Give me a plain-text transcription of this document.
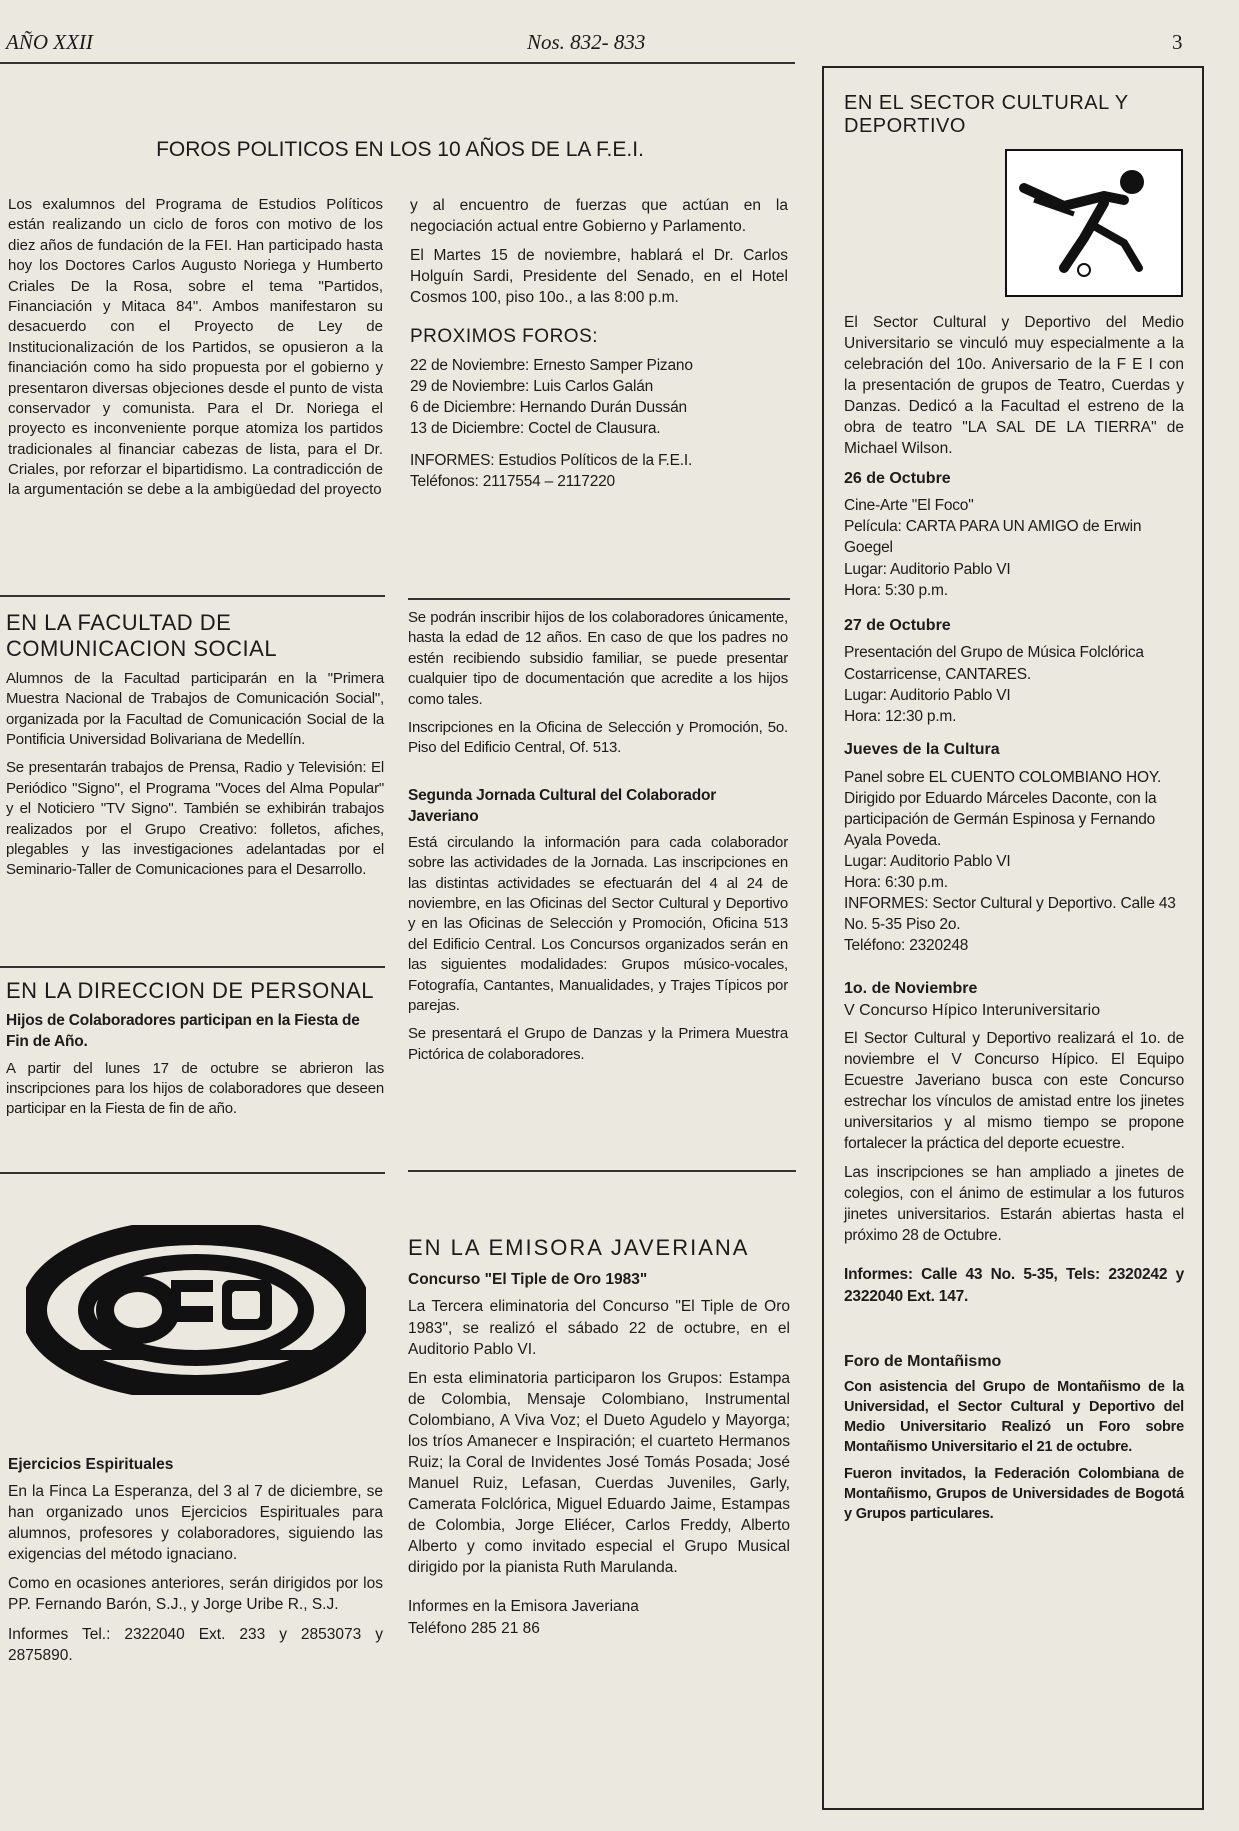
AÑO XXII	Nos. 832- 833	3
FOROS POLITICOS EN LOS 10 AÑOS DE LA F.E.I.

Los exalumnos del Programa de Estudios Políticos están realizando un ciclo de foros con motivo de los diez años de fundación de la FEI. Han participado hasta hoy los Doctores Carlos Augusto Noriega y Humberto Criales De la Rosa, sobre el tema "Partidos, Financiación y Mitaca 84". Ambos manifestaron su desacuerdo con el Proyecto de Ley de Institucionalización de los Partidos, se opusieron a la financiación como ha sido propuesta por el gobierno y presentaron diversas objeciones desde el punto de vista conservador y comunista. Para el Dr. Noriega el proyecto es inconveniente porque atomiza los partidos tradicionales al financiar cabezas de lista, para el Dr. Criales, por reforzar el bipartidismo. La contradicción de la argumentación se debe a la ambigüedad del proyecto

y al encuentro de fuerzas que actúan en la negociación actual entre Gobierno y Parlamento.

El Martes 15 de noviembre, hablará el Dr. Carlos Holguín Sardi, Presidente del Senado, en el Hotel Cosmos 100, piso 10o., a las 8:00 p.m.

PROXIMOS FOROS:
22 de Noviembre: Ernesto Samper Pizano
29 de Noviembre: Luis Carlos Galán
6 de Diciembre: Hernando Durán Dussán
13 de Diciembre: Coctel de Clausura.
INFORMES: Estudios Políticos de la F.E.I.
Teléfonos: 2117554 – 2117220
EN LA FACULTAD DE COMUNICACION SOCIAL

Alumnos de la Facultad participarán en la "Primera Muestra Nacional de Trabajos de Comunicación Social", organizada por la Facultad de Comunicación Social de la Pontificia Universidad Bolivariana de Medellín.

Se presentarán trabajos de Prensa, Radio y Televisión: El Periódico "Signo", el Programa "Voces del Alma Popular" y el Noticiero "TV Signo". También se exhibirán trabajos realizados por el Grupo Creativo: folletos, afiches, plegables y las investigaciones adelantadas por el Seminario-Taller de Comunicaciones para el Desarrollo.

EN LA DIRECCION DE PERSONAL
Hijos de Colaboradores participan en la Fiesta de Fin de Año.

A partir del lunes 17 de octubre se abrieron las inscripciones para los hijos de colaboradores que deseen participar en la Fiesta de fin de año.

Se podrán inscribir hijos de los colaboradores únicamente, hasta la edad de 12 años. En caso de que los padres no estén recibiendo subsidio familiar, se puede presentar cualquier tipo de documentación que acredite a los hijos como tales.

Inscripciones en la Oficina de Selección y Promoción, 5o. Piso del Edificio Central, Of. 513.

Segunda Jornada Cultural del Colaborador Javeriano

Está circulando la información para cada colaborador sobre las actividades de la Jornada. Las inscripciones en las distintas actividades se efectuarán del 4 al 24 de noviembre, en las Oficinas del Sector Cultural y Deportivo y en las Oficinas de Selección y Promoción, Oficina 513 del Edificio Central. Los Concursos organizados serán en las siguientes modalidades: Grupos músico-vocales, Fotografía, Cantantes, Manualidades, y Trajes Típicos por parejas.

Se presentará el Grupo de Danzas y la Primera Muestra Pictórica de colaboradores.

Ejercicios Espirituales

En la Finca La Esperanza, del 3 al 7 de diciembre, se han organizado unos Ejercicios Espirituales para alumnos, profesores y colaboradores, siguiendo las exigencias del método ignaciano.

Como en ocasiones anteriores, serán dirigidos por los PP. Fernando Barón, S.J., y Jorge Uribe R., S.J.

Informes Tel.: 2322040 Ext. 233 y 2853073 y 2875890.

EN LA EMISORA JAVERIANA
Concurso "El Tiple de Oro 1983"

La Tercera eliminatoria del Concurso "El Tiple de Oro 1983", se realizó el sábado 22 de octubre, en el Auditorio Pablo VI.

En esta eliminatoria participaron los Grupos: Estampa de Colombia, Mensaje Colombiano, Instrumental Colombiano, A Viva Voz; el Dueto Agudelo y Mayorga; los tríos Amanecer e Inspiración; el cuarteto Hermanos Ruiz; la Coral de Invidentes José Tomás Posada; José Manuel Ruiz, Lefasan, Cuerdas Juveniles, Garly, Camerata Folclórica, Miguel Eduardo Jaime, Estampas de Colombia, Jorge Eliécer, Carlos Freddy, Alberto Alberto y como invitado especial el Grupo Musical dirigido por la pianista Ruth Marulanda.

Informes en la Emisora Javeriana
Teléfono 285 21 86
EN EL SECTOR CULTURAL Y DEPORTIVO

El Sector Cultural y Deportivo del Medio Universitario se vinculó muy especialmente a la celebración del 10o. Aniversario de la F E I con la presentación de grupos de Teatro, Cuerdas y Danzas. Dedicó a la Facultad el estreno de la obra de teatro "LA SAL DE LA TIERRA" de Michael Wilson.

26 de Octubre
Cine-Arte "El Foco"
Película: CARTA PARA UN AMIGO de Erwin Goegel
Lugar: Auditorio Pablo VI
Hora: 5:30 p.m.
27 de Octubre
Presentación del Grupo de Música Folclórica Costarricense, CANTARES.
Lugar: Auditorio Pablo VI
Hora: 12:30 p.m.
Jueves de la Cultura
Panel sobre EL CUENTO COLOMBIANO HOY. Dirigido por Eduardo Márceles Daconte, con la participación de Germán Espinosa y Fernando Ayala Poveda.
Lugar: Auditorio Pablo VI
Hora: 6:30 p.m.
INFORMES: Sector Cultural y Deportivo. Calle 43 No. 5-35 Piso 2o.
Teléfono: 2320248
1o. de Noviembre
V Concurso Hípico Interuniversitario

El Sector Cultural y Deportivo realizará el 1o. de noviembre el V Concurso Hípico. El Equipo Ecuestre Javeriano busca con este Concurso estrechar los vínculos de amistad entre los jinetes universitarios y al mismo tiempo se propone fortalecer la práctica del deporte ecuestre.

Las inscripciones se han ampliado a jinetes de colegios, con el ánimo de estimular a los futuros jinetes universitarios. Estarán abiertas hasta el próximo 28 de Octubre.

Informes: Calle 43 No. 5-35, Tels: 2320242 y 2322040 Ext. 147.

Foro de Montañismo

Con asistencia del Grupo de Montañismo de la Universidad, el Sector Cultural y Deportivo del Medio Universitario Realizó un Foro sobre Montañismo Universitario el 21 de octubre.

Fueron invitados, la Federación Colombiana de Montañismo, Grupos de Universidades de Bogotá y Grupos particulares.
